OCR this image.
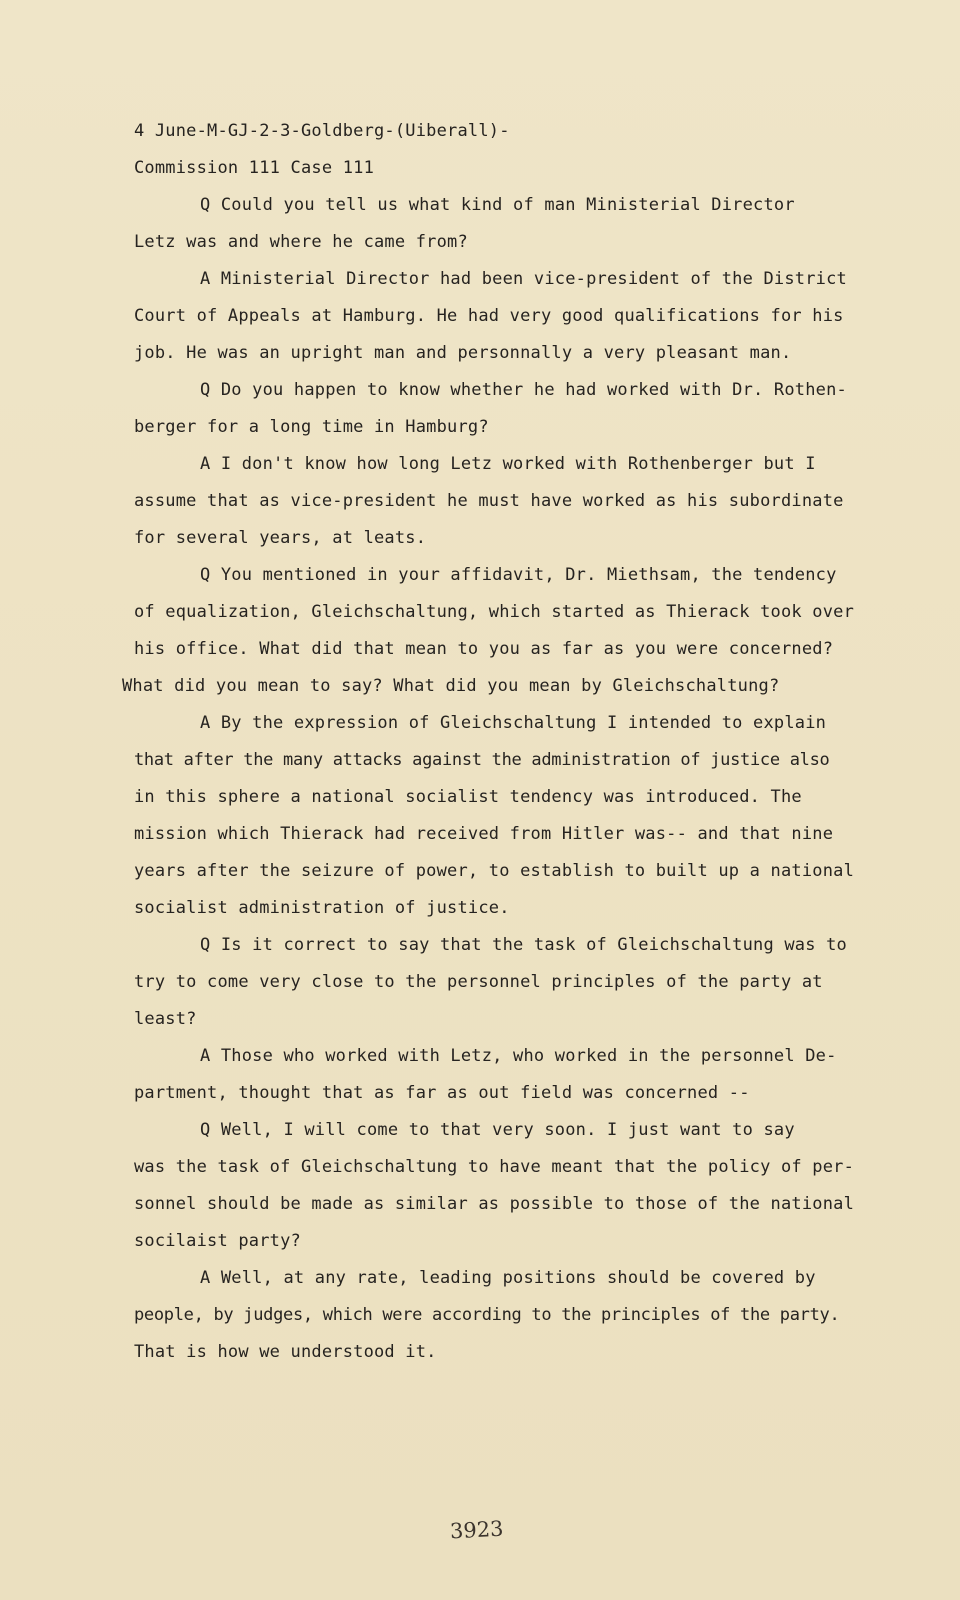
4 June-M-GJ-2-3-Goldberg-(Uiberall)-
Commission 111 Case 111
Q Could you tell us what kind of man Ministerial Director
Letz was and where he came from?
A Ministerial Director had been vice-president of the District
Court of Appeals at Hamburg. He had very good qualifications for his
job. He was an upright man and personnally a very pleasant man.
Q Do you happen to know whether he had worked with Dr. Rothen-
berger for a long time in Hamburg?
A I don't know how long Letz worked with Rothenberger but I
assume that as vice-president he must have worked as his subordinate
for several years, at leats.
Q You mentioned in your affidavit, Dr. Miethsam, the tendency
of equalization, Gleichschaltung, which started as Thierack took over
his office. What did that mean to you as far as you were concerned?
What did you mean to say? What did you mean by Gleichschaltung?
A By the expression of Gleichschaltung I intended to explain
that after the many attacks against the administration of justice also
in this sphere a national socialist tendency was introduced. The
mission which Thierack had received from Hitler was-- and that nine
years after the seizure of power, to establish to built up a national
socialist administration of justice.
Q Is it correct to say that the task of Gleichschaltung was to
try to come very close to the personnel principles of the party at
least?
A Those who worked with Letz, who worked in the personnel De-
partment, thought that as far as out field was concerned --
Q Well, I will come to that very soon. I just want to say
was the task of Gleichschaltung to have meant that the policy of per-
sonnel should be made as similar as possible to those of the national
socilaist party?
A Well, at any rate, leading positions should be covered by
people, by judges, which were according to the principles of the party.
That is how we understood it.
3923
